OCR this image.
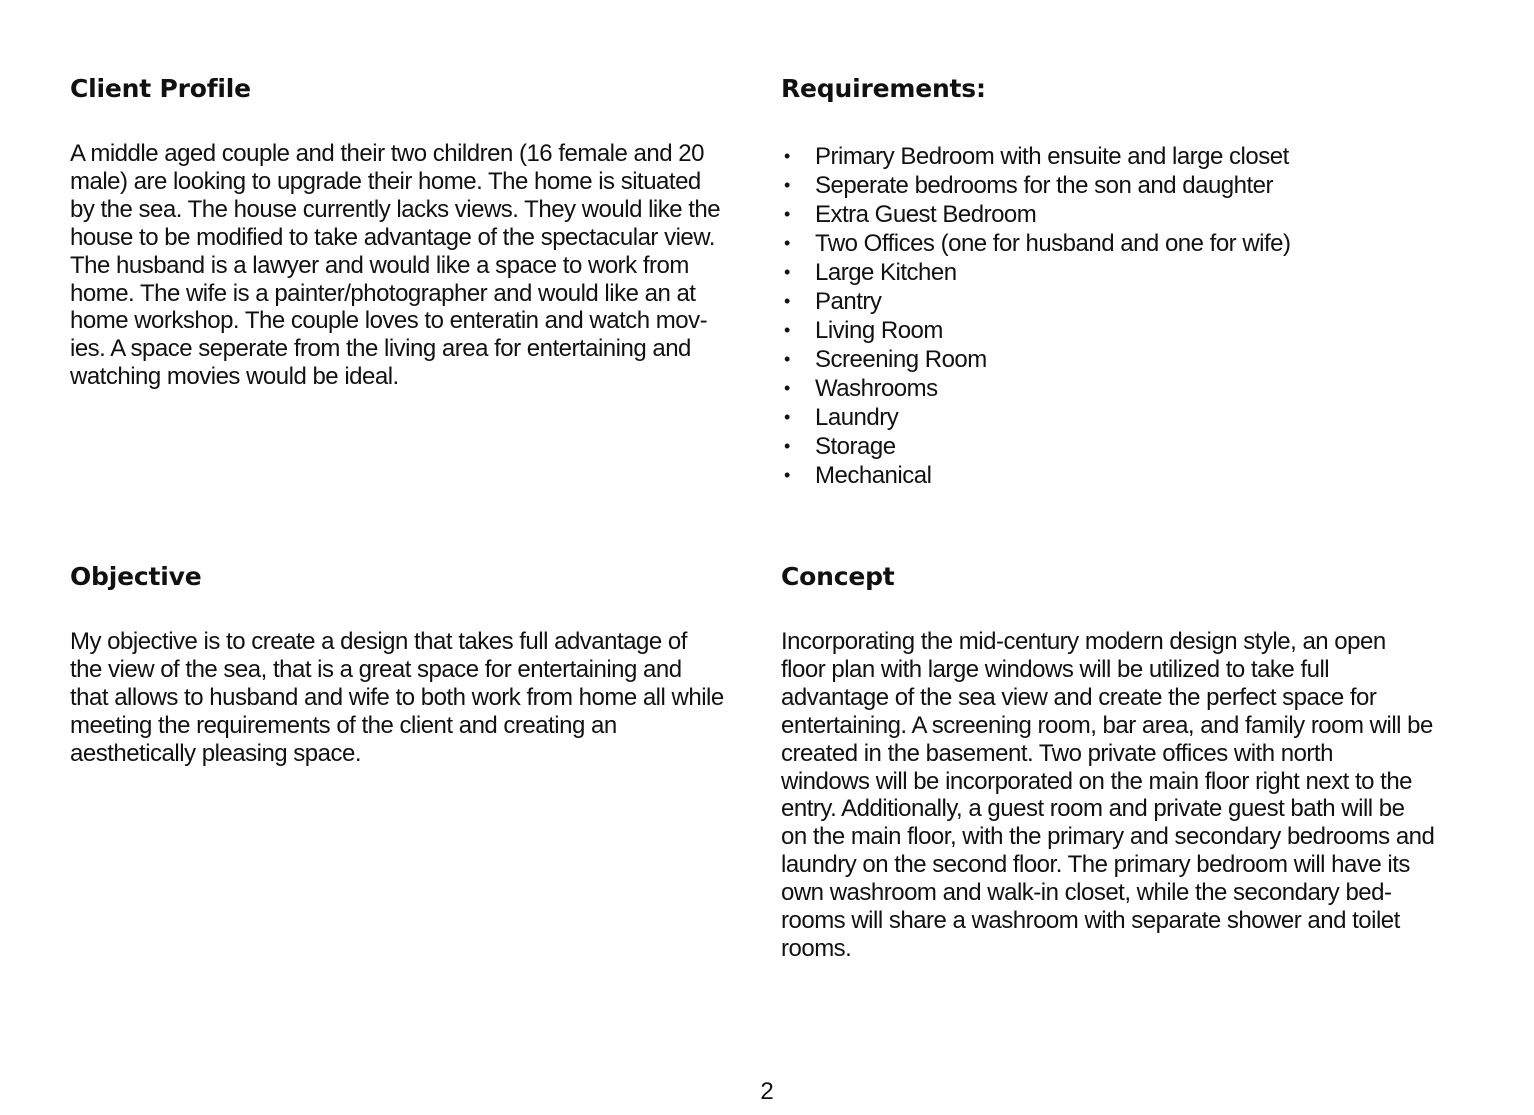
Client Profile

A middle aged couple and their two children (16 female and 20
male) are looking to upgrade their home. The home is situated
by the sea. The house currently lacks views. They would like the
house to be modified to take advantage of the spectacular view.
The husband is a lawyer and would like a space to work from
home. The wife is a painter/photographer and would like an at
home workshop. The couple loves to enteratin and watch mov-
ies. A space seperate from the living area for entertaining and
watching movies would be ideal.

Requirements:
• Primary Bedroom with ensuite and large closet
• Seperate bedrooms for the son and daughter
• Extra Guest Bedroom
• Two Offices (one for husband and one for wife)
• Large Kitchen
• Pantry
• Living Room
• Screening Room
• Washrooms
• Laundry
• Storage
• Mechanical
Objective

My objective is to create a design that takes full advantage of
the view of the sea, that is a great space for entertaining and
that allows to husband and wife to both work from home all while
meeting the requirements of the client and creating an
aesthetically pleasing space.

Concept

Incorporating the mid-century modern design style, an open
floor plan with large windows will be utilized to take full
advantage of the sea view and create the perfect space for
entertaining. A screening room, bar area, and family room will be
created in the basement. Two private offices with north
windows will be incorporated on the main floor right next to the
entry. Additionally, a guest room and private guest bath will be
on the main floor, with the primary and secondary bedrooms and
laundry on the second floor. The primary bedroom will have its
own washroom and walk-in closet, while the secondary bed-
rooms will share a washroom with separate shower and toilet
rooms.

2
